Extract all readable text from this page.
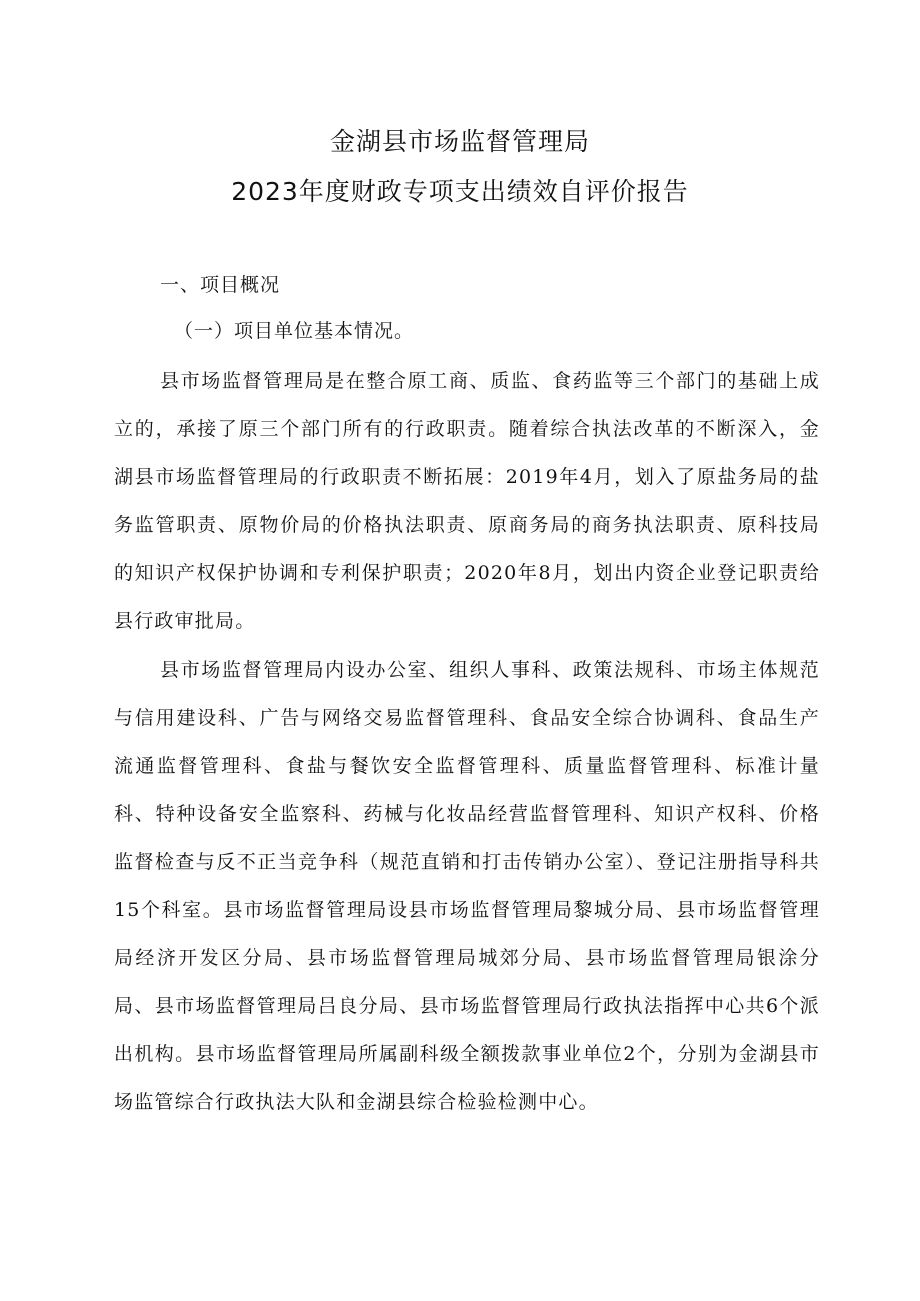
金湖县市场监督管理局
2023年度财政专项支出绩效自评价报告
一、项目概况
（一）项目单位基本情况。

县市场监督管理局是在整合原工商、质监、食药监等三个部门的基础上成立的，承接了原三个部门所有的行政职责。随着综合执法改革的不断深入，金湖县市场监督管理局的行政职责不断拓展：2019年4月，划入了原盐务局的盐务监管职责、原物价局的价格执法职责、原商务局的商务执法职责、原科技局的知识产权保护协调和专利保护职责；2020年8月，划出内资企业登记职责给县行政审批局。

县市场监督管理局内设办公室、组织人事科、政策法规科、市场主体规范与信用建设科、广告与网络交易监督管理科、食品安全综合协调科、食品生产流通监督管理科、食盐与餐饮安全监督管理科、质量监督管理科、标准计量科、特种设备安全监察科、药械与化妆品经营监督管理科、知识产权科、价格监督检查与反不正当竞争科（规范直销和打击传销办公室）、登记注册指导科共15个科室。县市场监督管理局设县市场监督管理局黎城分局、县市场监督管理局经济开发区分局、县市场监督管理局城郊分局、县市场监督管理局银涂分局、县市场监督管理局吕良分局、县市场监督管理局行政执法指挥中心共6个派出机构。县市场监督管理局所属副科级全额拨款事业单位2个，分别为金湖县市场监管综合行政执法大队和金湖县综合检验检测中心。
